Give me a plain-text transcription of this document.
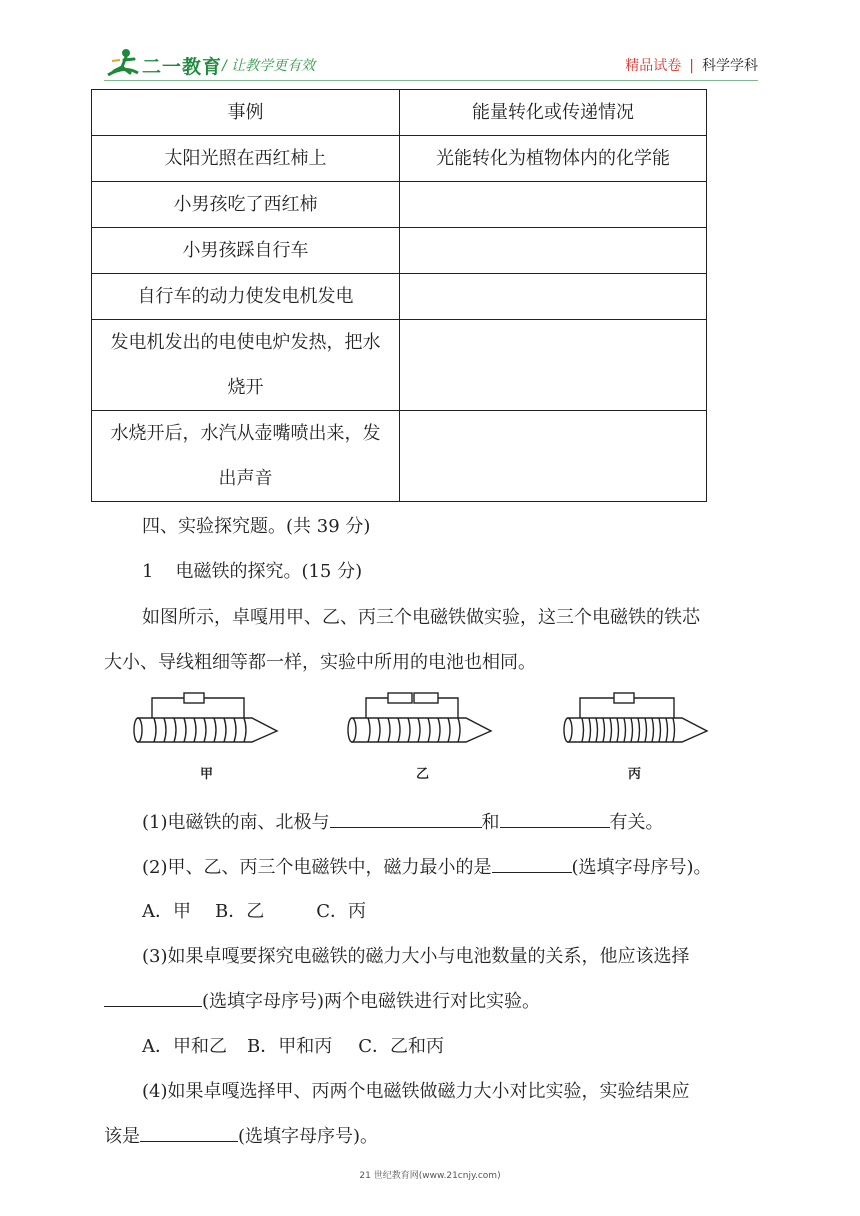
二一教育 / 让教学更有效	精品试卷 | 科学学科
事例	能量转化或传递情况
太阳光照在西红柿上	光能转化为植物体内的化学能
小男孩吃了西红柿	
小男孩踩自行车	
自行车的动力使发电机发电	
发电机发出的电使电炉发热，把水烧开	
水烧开后，水汽从壶嘴喷出来，发出声音	
四、实验探究题。(共 39 分)
1 电磁铁的探究。(15 分)
如图所示，卓嘎用甲、乙、丙三个电磁铁做实验，这三个电磁铁的铁芯
大小、导线粗细等都一样，实验中所用的电池也相同。
甲	乙	丙
(1)电磁铁的南、北极与	和	有关。
(2)甲、乙、丙三个电磁铁中，磁力最小的是	(选填字母序号)。
A．甲 B．乙	C．丙
(3)如果卓嘎要探究电磁铁的磁力大小与电池数量的关系，他应该选择
(选填字母序号)两个电磁铁进行对比实验。
A．甲和乙 B．甲和丙 C．乙和丙
(4)如果卓嘎选择甲、丙两个电磁铁做磁力大小对比实验，实验结果应
该是	(选填字母序号)。
21 世纪教育网(www.21cnjy.com)
